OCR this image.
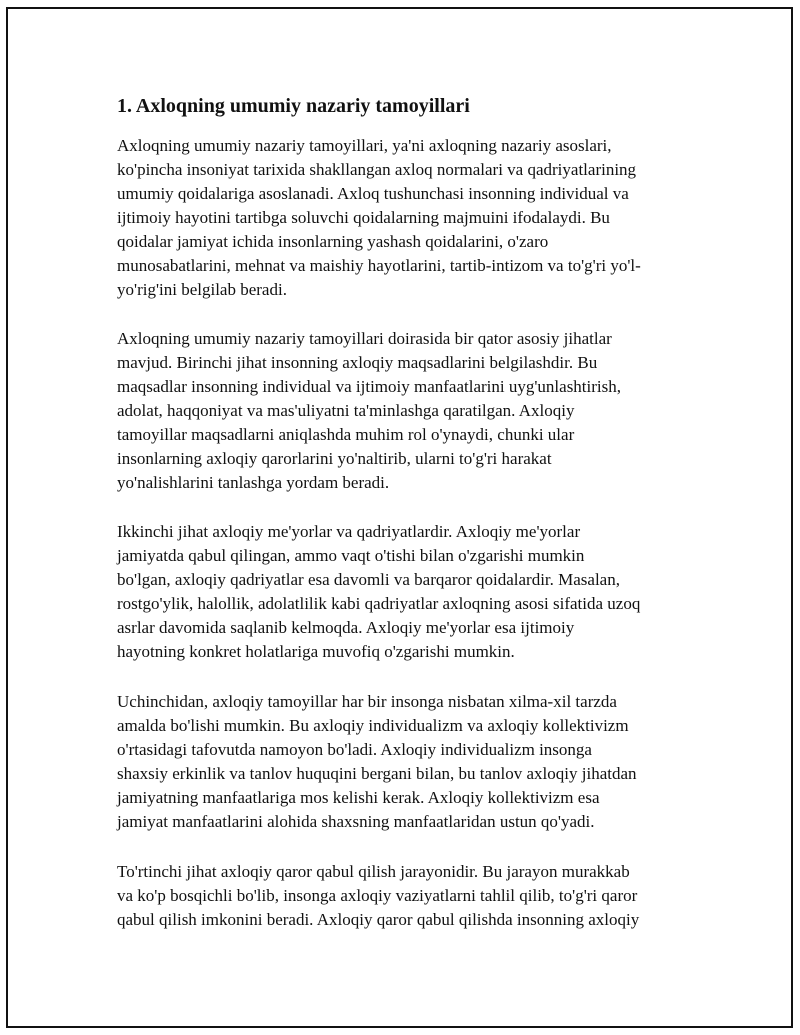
1. Axloqning umumiy nazariy tamoyillari

Axloqning umumiy nazariy tamoyillari, ya'ni axloqning nazariy asoslari,
ko'pincha insoniyat tarixida shakllangan axloq normalari va qadriyatlarining
umumiy qoidalariga asoslanadi. Axloq tushunchasi insonning individual va
ijtimoiy hayotini tartibga soluvchi qoidalarning majmuini ifodalaydi. Bu
qoidalar jamiyat ichida insonlarning yashash qoidalarini, o'zaro
munosabatlarini, mehnat va maishiy hayotlarini, tartib-intizom va to'g'ri yo'l-
yo'rig'ini belgilab beradi.

Axloqning umumiy nazariy tamoyillari doirasida bir qator asosiy jihatlar
mavjud. Birinchi jihat insonning axloqiy maqsadlarini belgilashdir. Bu
maqsadlar insonning individual va ijtimoiy manfaatlarini uyg'unlashtirish,
adolat, haqqoniyat va mas'uliyatni ta'minlashga qaratilgan. Axloqiy
tamoyillar maqsadlarni aniqlashda muhim rol o'ynaydi, chunki ular
insonlarning axloqiy qarorlarini yo'naltirib, ularni to'g'ri harakat
yo'nalishlarini tanlashga yordam beradi.

Ikkinchi jihat axloqiy me'yorlar va qadriyatlardir. Axloqiy me'yorlar
jamiyatda qabul qilingan, ammo vaqt o'tishi bilan o'zgarishi mumkin
bo'lgan, axloqiy qadriyatlar esa davomli va barqaror qoidalardir. Masalan,
rostgo'ylik, halollik, adolatlilik kabi qadriyatlar axloqning asosi sifatida uzoq
asrlar davomida saqlanib kelmoqda. Axloqiy me'yorlar esa ijtimoiy
hayotning konkret holatlariga muvofiq o'zgarishi mumkin.

Uchinchidan, axloqiy tamoyillar har bir insonga nisbatan xilma-xil tarzda
amalda bo'lishi mumkin. Bu axloqiy individualizm va axloqiy kollektivizm
o'rtasidagi tafovutda namoyon bo'ladi. Axloqiy individualizm insonga
shaxsiy erkinlik va tanlov huquqini bergani bilan, bu tanlov axloqiy jihatdan
jamiyatning manfaatlariga mos kelishi kerak. Axloqiy kollektivizm esa
jamiyat manfaatlarini alohida shaxsning manfaatlaridan ustun qo'yadi.

To'rtinchi jihat axloqiy qaror qabul qilish jarayonidir. Bu jarayon murakkab
va ko'p bosqichli bo'lib, insonga axloqiy vaziyatlarni tahlil qilib, to'g'ri qaror
qabul qilish imkonini beradi. Axloqiy qaror qabul qilishda insonning axloqiy
